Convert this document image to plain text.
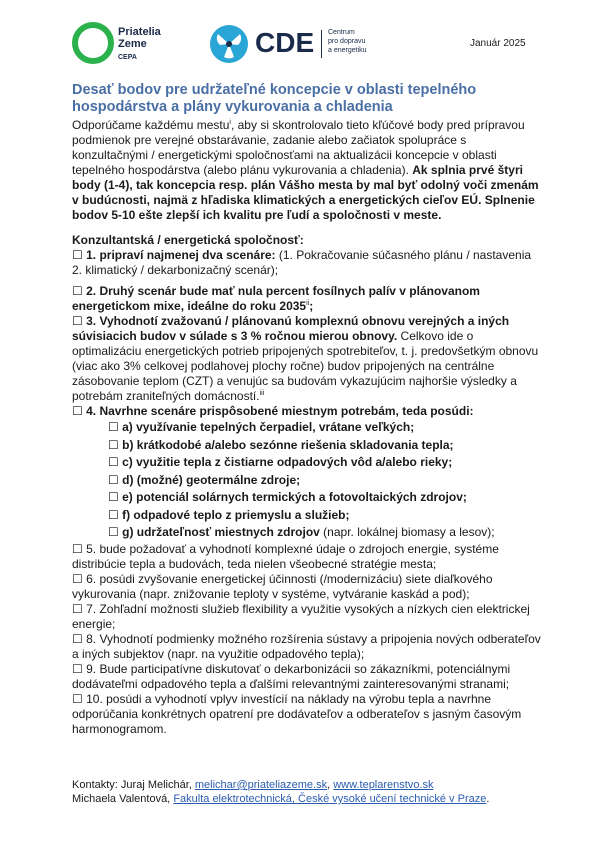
Priatelia
Zeme
CEPA	CDE Centrum
pro dopravu
a energetiku
Január 2025
Desať bodov pre udržateľné koncepcie v oblasti tepelného hospodárstva a plány vykurovania a chladenia

Odporúčame každému mestu$^i$, aby si skontrolovalo tieto kľúčové body pred prípravou podmienok pre verejné obstarávanie, zadanie alebo začiatok spolupráce s konzultačnými / energetickými spoločnosťami na aktualizácii koncepcie v oblasti tepelného hospodárstva (alebo plánu vykurovania a chladenia). Ak splnia prvé štyri body (1-4), tak koncepcia resp. plán Vášho mesta by mal byť odolný voči zmenám v budúcnosti, najmä z hľadiska klimatických a energetických cieľov EÚ. Splnenie bodov 5-10 ešte zlepší ich kvalitu pre ľudí a spoločnosti v meste.

Konzultantská / energetická spoločnosť:

☐ 1. pripraví najmenej dva scenáre: (1. Pokračovanie súčasného plánu / nastavenia 2. klimatický / dekarbonizačný scenár);

☐ 2. Druhý scenár bude mať nula percent fosílnych palív v plánovanom energetickom mixe, ideálne do roku 2035$^{ii}$;

☐ 3. Vyhodnotí zvažovanú / plánovanú komplexnú obnovu verejných a iných súvisiacich budov v súlade s 3 % ročnou mierou obnovy. Celkovo ide o optimalizáciu energetických potrieb pripojených spotrebiteľov, t. j. predovšetkým obnovu (viac ako 3% celkovej podlahovej plochy ročne) budov pripojených na centrálne zásobovanie teplom (CZT) a venujúc sa budovám vykazujúcim najhoršie výsledky a potrebám zraniteľných domácností.$^{iii}$

☐ 4. Navrhne scenáre prispôsobené miestnym potrebám, teda posúdi:

☐ a) využívanie tepelných čerpadiel, vrátane veľkých;
☐ b) krátkodobé a/alebo sezónne riešenia skladovania tepla;
☐ c) využitie tepla z čistiarne odpadových vôd a/alebo rieky;
☐ d) (možné) geotermálne zdroje;
☐ e) potenciál solárnych termických a fotovoltaických zdrojov;
☐ f) odpadové teplo z priemyslu a služieb;
☐ g) udržateľnosť miestnych zdrojov (napr. lokálnej biomasy a lesov);

☐ 5. bude požadovať a vyhodnotí komplexné údaje o zdrojoch energie, systéme distribúcie tepla a budovách, teda nielen všeobecné stratégie mesta;

☐ 6. posúdi zvyšovanie energetickej účinnosti (/modernizáciu) siete diaľkového vykurovania (napr. znižovanie teploty v systéme, vytváranie kaskád a pod);

☐ 7. Zohľadní možnosti služieb flexibility a využitie vysokých a nízkych cien elektrickej energie;

☐ 8. Vyhodnotí podmienky možného rozšírenia sústavy a pripojenia nových odberateľov a iných subjektov (napr. na využitie odpadového tepla);

☐ 9. Bude participatívne diskutovať o dekarbonizácii so zákazníkmi, potenciálnymi dodávateľmi odpadového tepla a ďalšími relevantnými zainteresovanými stranami;

☐ 10. posúdi a vyhodnotí vplyv investícií na náklady na výrobu tepla a navrhne odporúčania konkrétnych opatrení pre dodávateľov a odberateľov s jasným časovým harmonogramom.

Kontakty: Juraj Melichár, melichar@priateliazeme.sk, www.teplarenstvo.sk
Michaela Valentová, Fakulta elektrotechnická, České vysoké učení technické v Praze.
